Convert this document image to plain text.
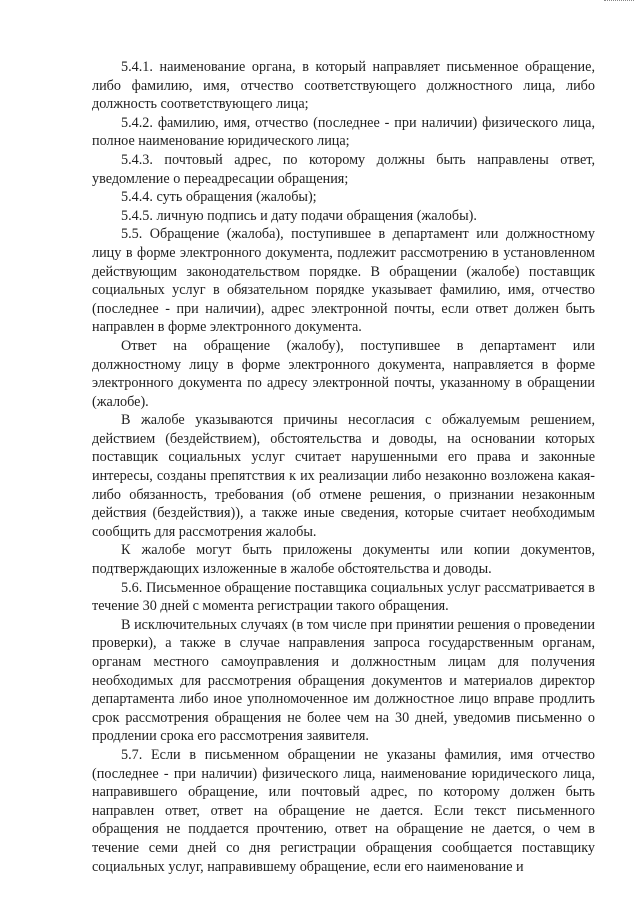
5.4.1. наименование органа, в который направляет письменное обращение, либо фамилию, имя, отчество соответствующего должностного лица, либо должность соответствующего лица;

5.4.2. фамилию, имя, отчество (последнее - при наличии) физического лица, полное наименование юридического лица;

5.4.3. почтовый адрес, по которому должны быть направлены ответ, уведомление о переадресации обращения;

5.4.4. суть обращения (жалобы);

5.4.5. личную подпись и дату подачи обращения (жалобы).

5.5. Обращение (жалоба), поступившее в департамент или должностному лицу в форме электронного документа, подлежит рассмотрению в установленном действующим законодательством порядке. В обращении (жалобе) поставщик социальных услуг в обязательном порядке указывает фамилию, имя, отчество (последнее - при наличии), адрес электронной почты, если ответ должен быть направлен в форме электронного документа.

Ответ на обращение (жалобу), поступившее в департамент или должностному лицу в форме электронного документа, направляется в форме электронного документа по адресу электронной почты, указанному в обращении (жалобе).

В жалобе указываются причины несогласия с обжалуемым решением, действием (бездействием), обстоятельства и доводы, на основании которых поставщик социальных услуг считает нарушенными его права и законные интересы, созданы препятствия к их реализации либо незаконно возложена какая-либо обязанность, требования (об отмене решения, о признании незаконным действия (бездействия)), а также иные сведения, которые считает необходимым сообщить для рассмотрения жалобы.

К жалобе могут быть приложены документы или копии документов, подтверждающих изложенные в жалобе обстоятельства и доводы.

5.6. Письменное обращение поставщика социальных услуг рассматривается в течение 30 дней с момента регистрации такого обращения.

В исключительных случаях (в том числе при принятии решения о проведении проверки), а также в случае направления запроса государственным органам, органам местного самоуправления и должностным лицам для получения необходимых для рассмотрения обращения документов и материалов директор департамента либо иное уполномоченное им должностное лицо вправе продлить срок рассмотрения обращения не более чем на 30 дней, уведомив письменно о продлении срока его рассмотрения заявителя.

5.7. Если в письменном обращении не указаны фамилия, имя отчество (последнее - при наличии) физического лица, наименование юридического лица, направившего обращение, или почтовый адрес, по которому должен быть направлен ответ, ответ на обращение не дается. Если текст письменного обращения не поддается прочтению, ответ на обращение не дается, о чем в течение семи дней со дня регистрации обращения сообщается поставщику социальных услуг, направившему обращение, если его наименование и
